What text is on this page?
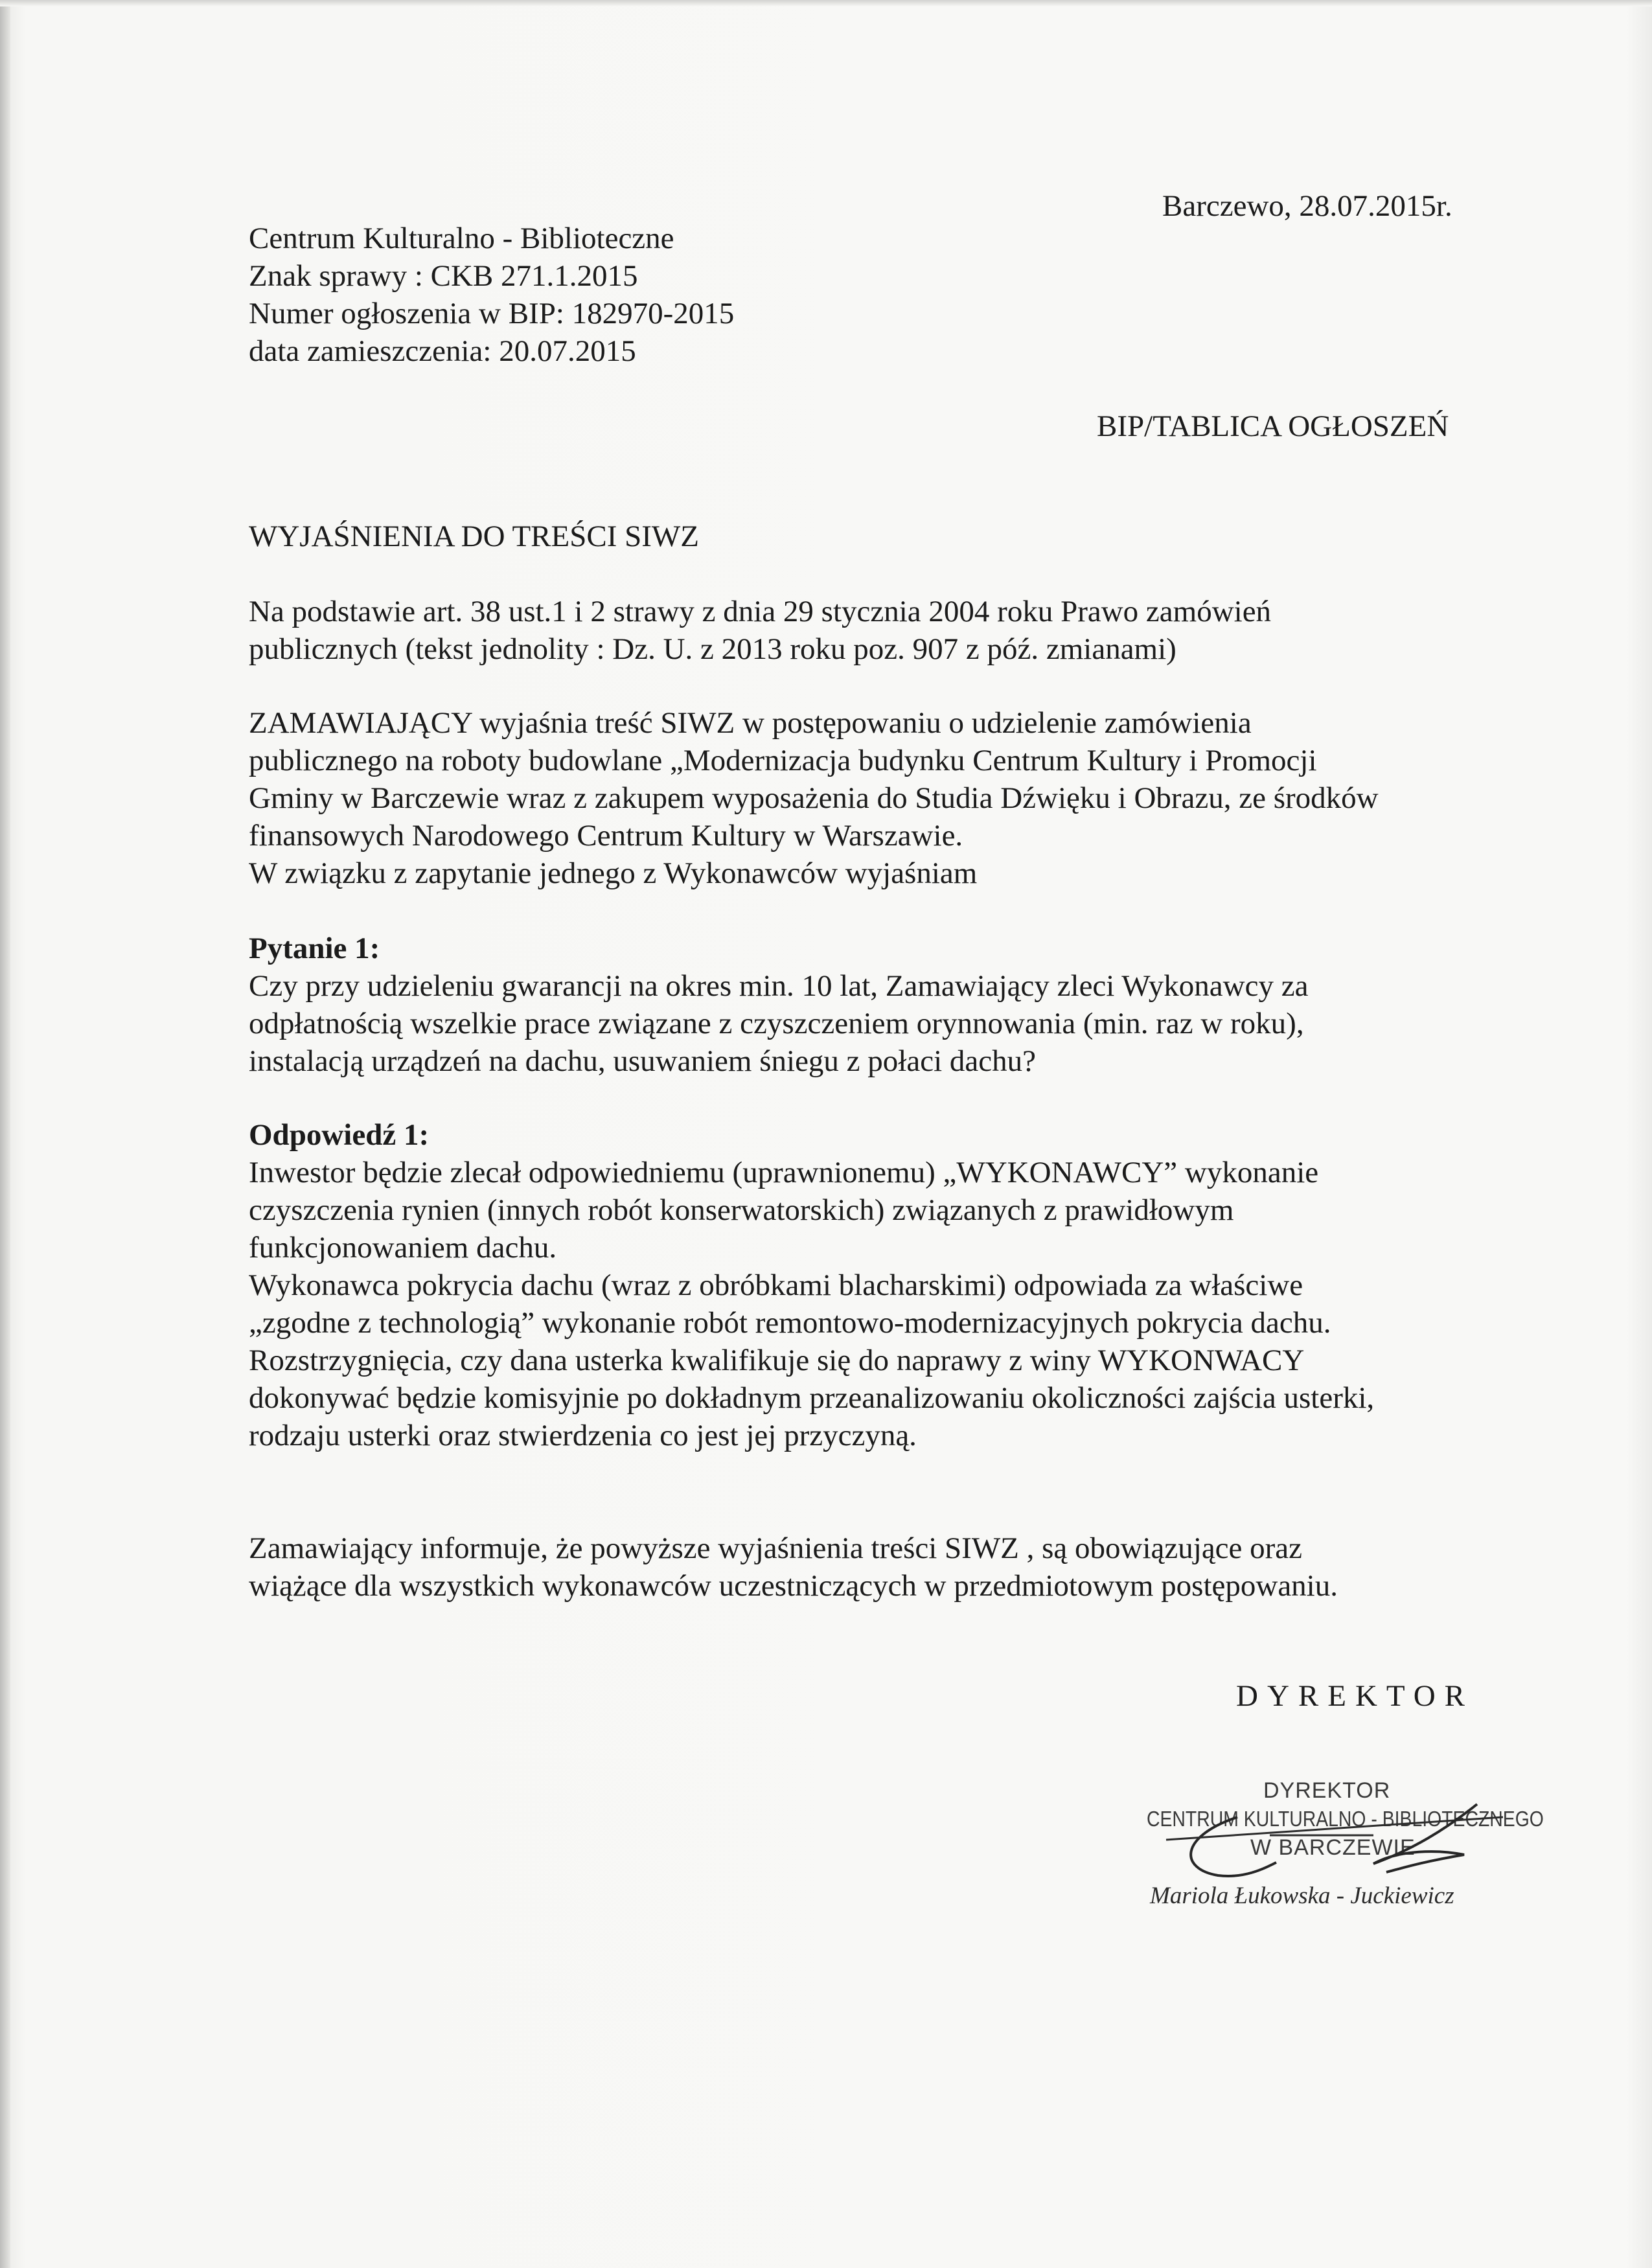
Barczewo, 28.07.2015r.
Centrum Kulturalno - Biblioteczne
Znak sprawy : CKB 271.1.2015
Numer ogłoszenia w BIP: 182970-2015
data zamieszczenia: 20.07.2015
BIP/TABLICA OGŁOSZEŃ
WYJAŚNIENIA DO TREŚCI SIWZ
Na podstawie art. 38 ust.1 i 2 strawy z dnia 29 stycznia 2004 roku Prawo zamówień
publicznych (tekst jednolity : Dz. U. z 2013 roku poz. 907 z póź. zmianami)
ZAMAWIAJĄCY wyjaśnia treść SIWZ w postępowaniu o udzielenie zamówienia
publicznego na roboty budowlane „Modernizacja budynku Centrum Kultury i Promocji
Gminy w Barczewie wraz z zakupem wyposażenia do Studia Dźwięku i Obrazu, ze środków
finansowych Narodowego Centrum Kultury w Warszawie.
W związku z zapytanie jednego z Wykonawców wyjaśniam
Pytanie 1:
Czy przy udzieleniu gwarancji na okres min. 10 lat, Zamawiający zleci Wykonawcy za
odpłatnością wszelkie prace związane z czyszczeniem orynnowania (min. raz w roku),
instalacją urządzeń na dachu, usuwaniem śniegu z połaci dachu?
Odpowiedź 1:
Inwestor będzie zlecał odpowiedniemu (uprawnionemu) „WYKONAWCY” wykonanie
czyszczenia rynien (innych robót konserwatorskich) związanych z prawidłowym
funkcjonowaniem dachu.
Wykonawca pokrycia dachu (wraz z obróbkami blacharskimi) odpowiada za właściwe
„zgodne z technologią” wykonanie robót remontowo-modernizacyjnych pokrycia dachu.
Rozstrzygnięcia, czy dana usterka kwalifikuje się do naprawy z winy WYKONWACY
dokonywać będzie komisyjnie po dokładnym przeanalizowaniu okoliczności zajścia usterki,
rodzaju usterki oraz stwierdzenia co jest jej przyczyną.
Zamawiający informuje, że powyższe wyjaśnienia treści SIWZ , są obowiązujące oraz
wiążące dla wszystkich wykonawców uczestniczących w przedmiotowym postępowaniu.
DYREKTOR
DYREKTOR
CENTRUM KULTURALNO - BIBLIOTECZNEGO
W BARCZEWIE
Mariola Łukowska - Juckiewicz
